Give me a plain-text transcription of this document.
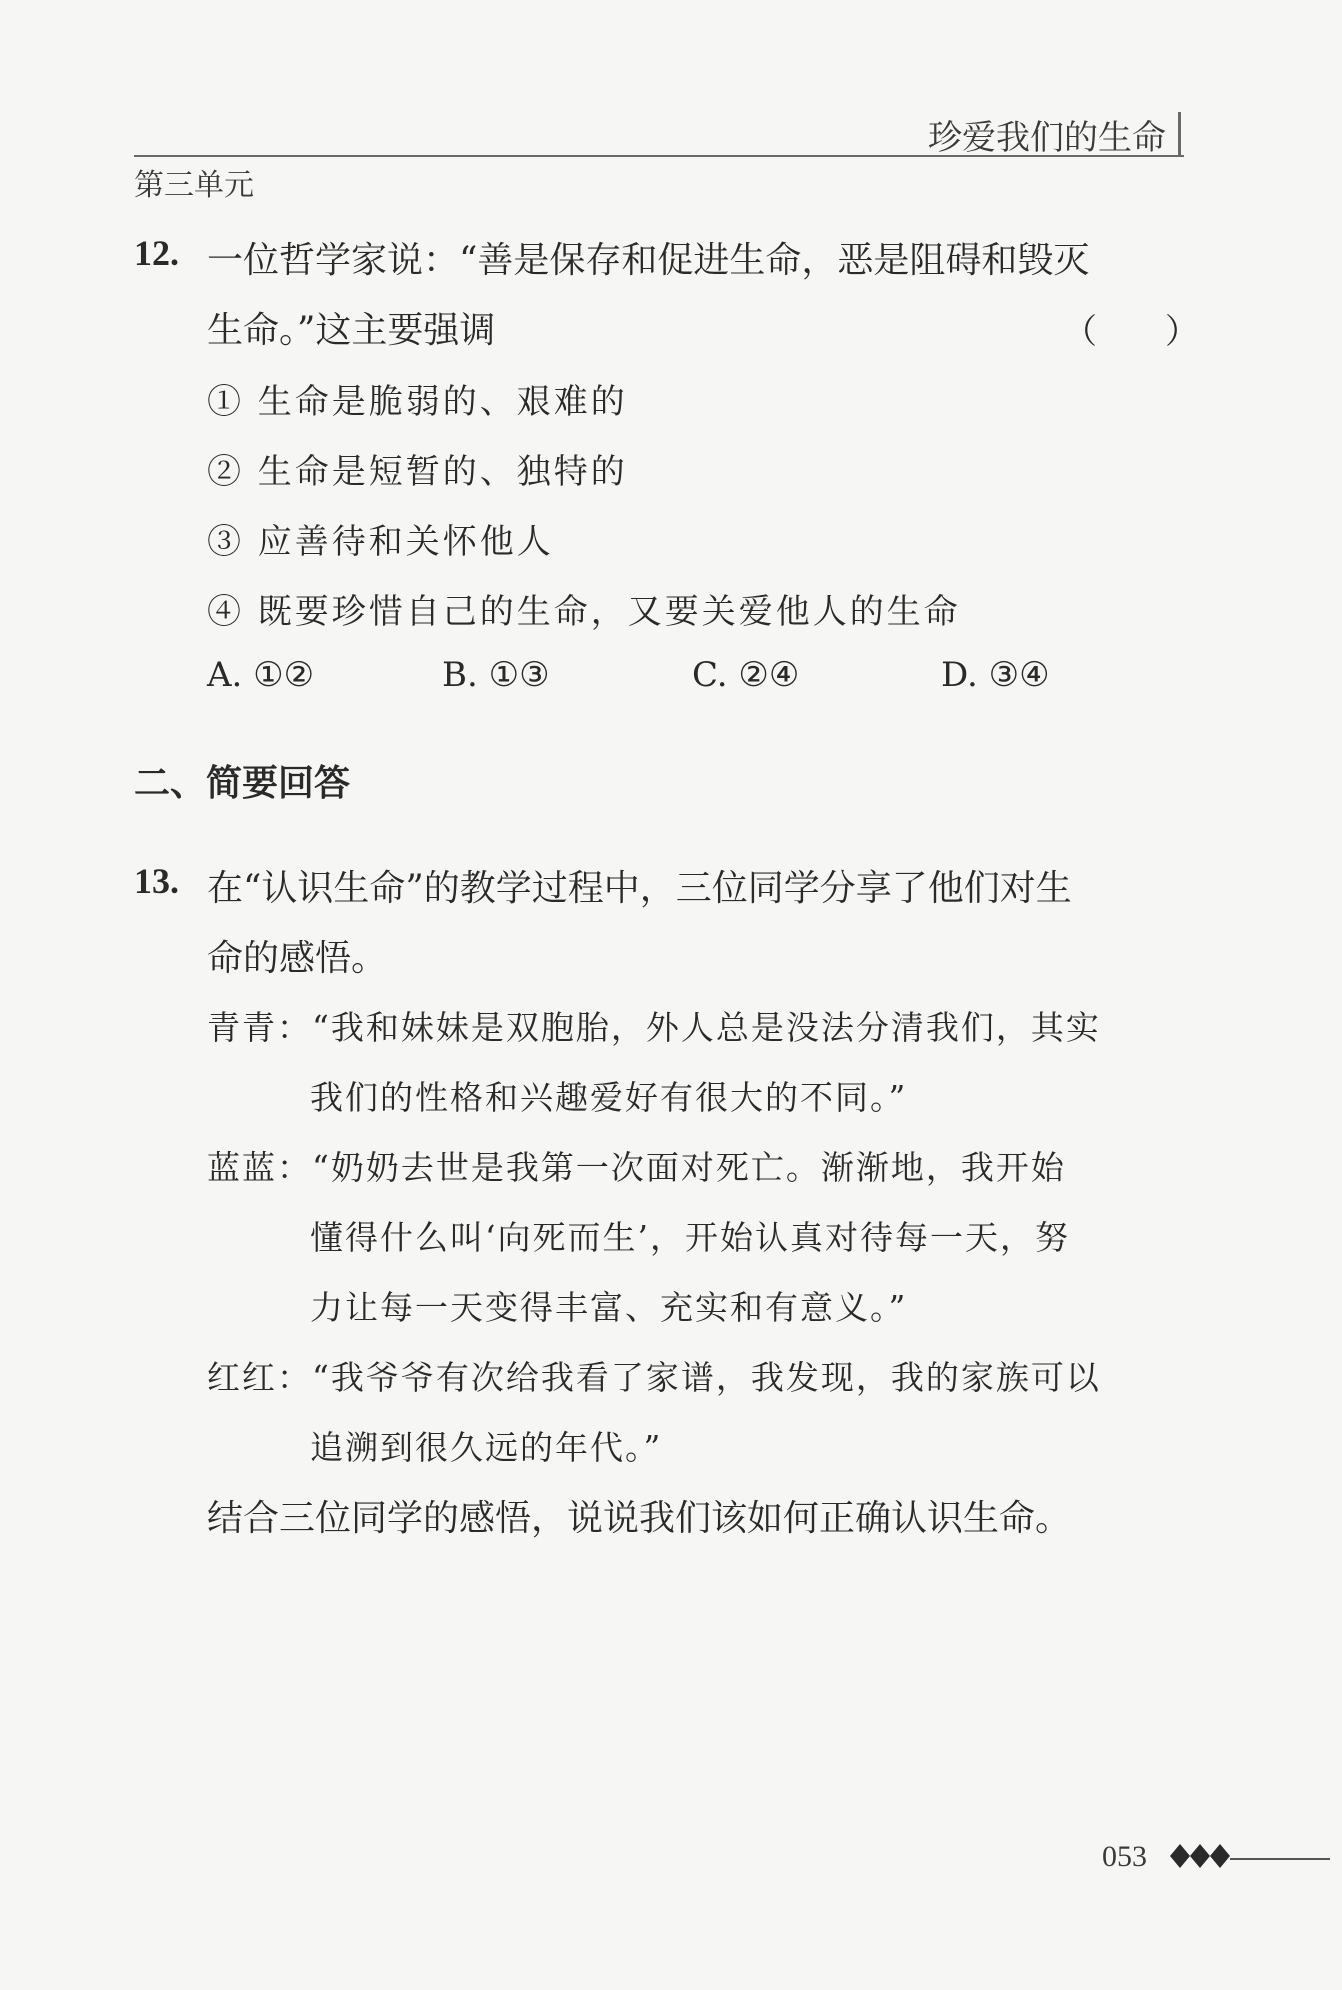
珍爱我们的生命
第三单元
12. 一位哲学家说：“善是保存和促进生命，恶是阻碍和毁灭
生命。”这主要强调	（　　）
① 生命是脆弱的、艰难的
② 生命是短暂的、独特的
③ 应善待和关怀他人
④ 既要珍惜自己的生命，又要关爱他人的生命
A. ①②	B. ①③	C. ②④	D. ③④
二、简要回答
13. 在“认识生命”的教学过程中，三位同学分享了他们对生
命的感悟。
青青：“我和妹妹是双胞胎，外人总是没法分清我们，其实
我们的性格和兴趣爱好有很大的不同。”
蓝蓝：“奶奶去世是我第一次面对死亡。渐渐地，我开始
懂得什么叫‘向死而生’，开始认真对待每一天，努
力让每一天变得丰富、充实和有意义。”
红红：“我爷爷有次给我看了家谱，我发现，我的家族可以
追溯到很久远的年代。”
结合三位同学的感悟，说说我们该如何正确认识生命。
053
